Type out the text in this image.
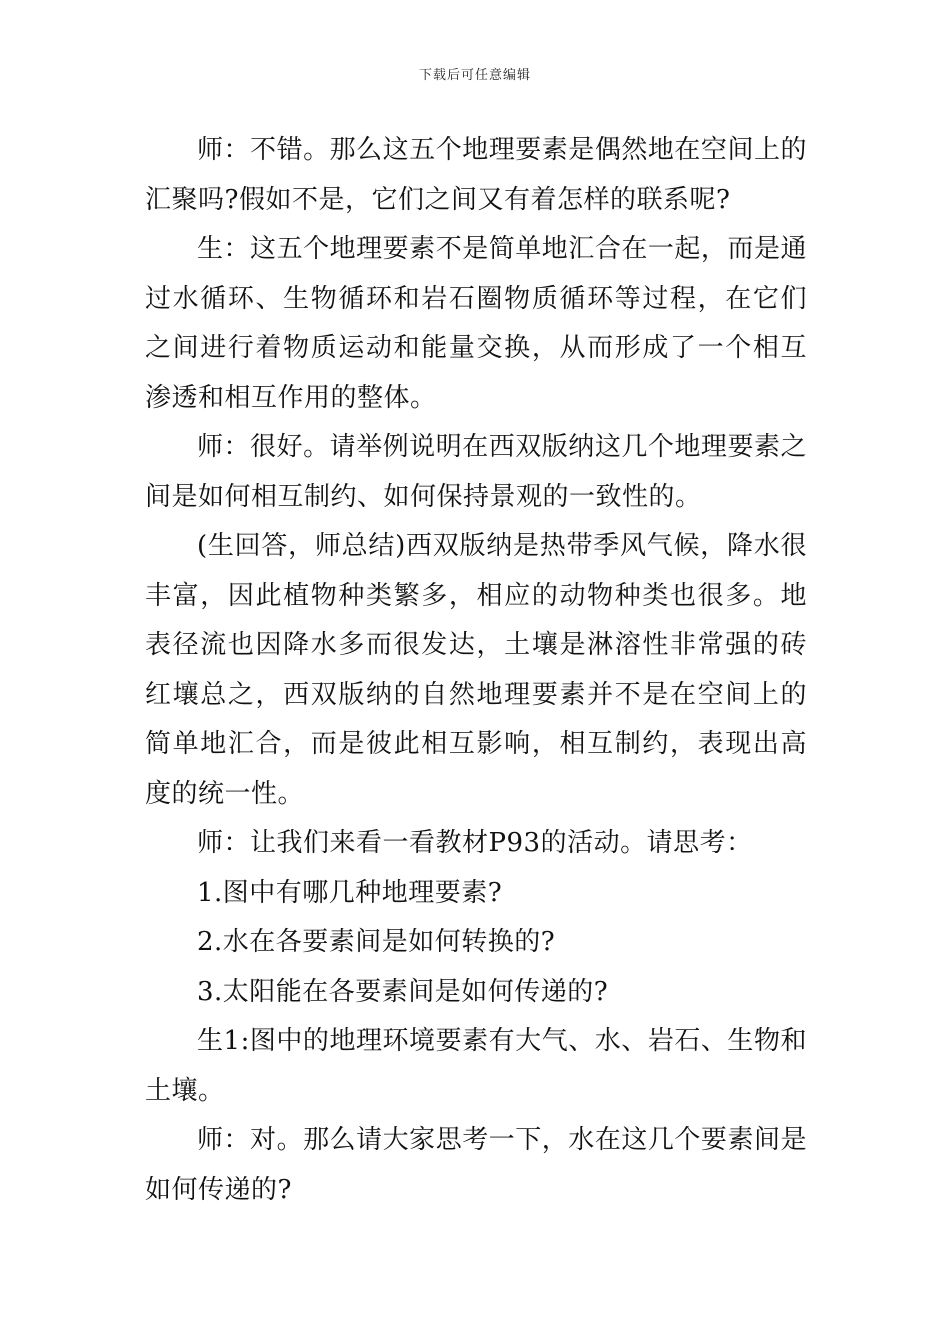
下载后可任意编辑

师：不错。那么这五个地理要素是偶然地在空间上的汇聚吗?假如不是，它们之间又有着怎样的联系呢?

生：这五个地理要素不是简单地汇合在一起，而是通过水循环、生物循环和岩石圈物质循环等过程，在它们之间进行着物质运动和能量交换，从而形成了一个相互渗透和相互作用的整体。

师：很好。请举例说明在西双版纳这几个地理要素之间是如何相互制约、如何保持景观的一致性的。

(生回答，师总结)西双版纳是热带季风气候，降水很丰富，因此植物种类繁多，相应的动物种类也很多。地表径流也因降水多而很发达，土壤是淋溶性非常强的砖红壤总之，西双版纳的自然地理要素并不是在空间上的简单地汇合，而是彼此相互影响，相互制约，表现出高度的统一性。

师：让我们来看一看教材P93的活动。请思考：

1.图中有哪几种地理要素?

2.水在各要素间是如何转换的?

3.太阳能在各要素间是如何传递的?

生1:图中的地理环境要素有大气、水、岩石、生物和土壤。

师：对。那么请大家思考一下，水在这几个要素间是如何传递的?
